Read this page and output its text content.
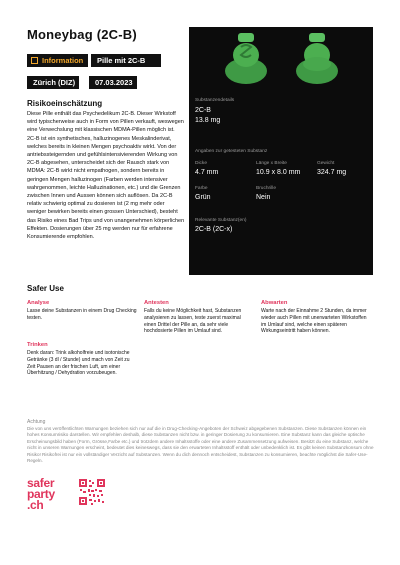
Moneybag (2C-B)
Information	Pille mit 2C-B
Zürich (DIZ)	07.03.2023
Risikoeinschätzung
Diese Pille enthält das Psychedelikum 2C-B. Dieser Wirkstoff wird typischerweise auch in Form von Pillen verkauft, weswegen eine Verwechslung mit klassischen MDMA-Pillen möglich ist. 2C-B ist ein synthetisches, halluzinogenes Meskalinderivat, welches bereits in kleinen Mengen psychoaktiv wirkt. Von der antriebssteigernden und gefühlsintensivierenden Wirkung von 2C-B abgesehen, unterscheidet sich der Rausch stark von MDMA: 2C-B wirkt nicht empathogen, sondern bereits in geringen Mengen halluzinogen (Farben werden intensiver wahrgenommen, leichte Halluzinationen, etc.) und die Grenzen zwischen Innen und Aussen können sich auflösen. Da 2C-B relativ schwierig optimal zu dosieren ist (2 mg mehr oder weniger bewirken bereits einen grossen Unterschied), besteht das Risiko eines Bad Trips und von unangenehmen körperlichen Effekten. Dosierungen über 25 mg werden nur für erfahrene Konsumierende empfohlen.
Substanzendetails
2C-B
13.8 mg
Angaben zur getesteten Substanz
Dicke
4.7 mm
Länge x Breite
10.9 x 8.0 mm
Gewicht
324.7 mg
Farbe
Grün
Bruchrille
Nein
Relevante Substanz(en)
2C-B (2C-x)
Safer Use
Analyse
Lasse deine Substanzen in einem Drug Checking testen.
Antesten
Falls du keine Möglichkeit hast, Substanzen analysieren zu lassen, teste zuerst maximal einen Drittel der Pille an, da sehr viele hochdosierte Pillen im Umlauf sind.
Abwarten
Warte nach der Einnahme 2 Stunden, da immer wieder auch Pillen mit unerwarteten Wirkstoffen im Umlauf sind, welche einen späteren Wirkungseintritt haben können.
Trinken
Denk daran: Trink alkoholfreie und isotonische Getränke (3 dl / Stunde) und mach von Zeit zu Zeit Pausen an der frischen Luft, um einer Überhitzung / Dehydration vorzubeugen.
Achtung
Die von uns veröffentlichten Warnungen beziehen sich nur auf die in Drug-Checking-Angeboten der Schweiz abgegebenen Substanzen. Diese Substanzen können ein hohes Konsumrisiko darstellen. Wir empfehlen deshalb, diese Substanzen nicht bzw. in geringer Dosierung zu konsumieren. Eine Substanz kann das gleiche optische Erscheinungsbild haben (Form, Grösse,Farbe etc.) und trotzdem andere Inhaltsstoffe oder eine andere Zusammensetzung aufweisen. Besitzt du eine Substanz, welche nicht in unseren Warnungen erscheint, bedeutet dies keineswegs, dass sie den erwarteten Inhaltsstoff enthält oder unbedenklich ist. Es gibt keinen Substanzkonsum ohne Risiko! Risikofrei ist nur ein vollständiger Verzicht auf Substanzen. Wenn du dich dennoch entscheidest, Substanzen zu konsumieren, beachte möglichst die Safer-Use-Regeln.
safer
party
.ch
